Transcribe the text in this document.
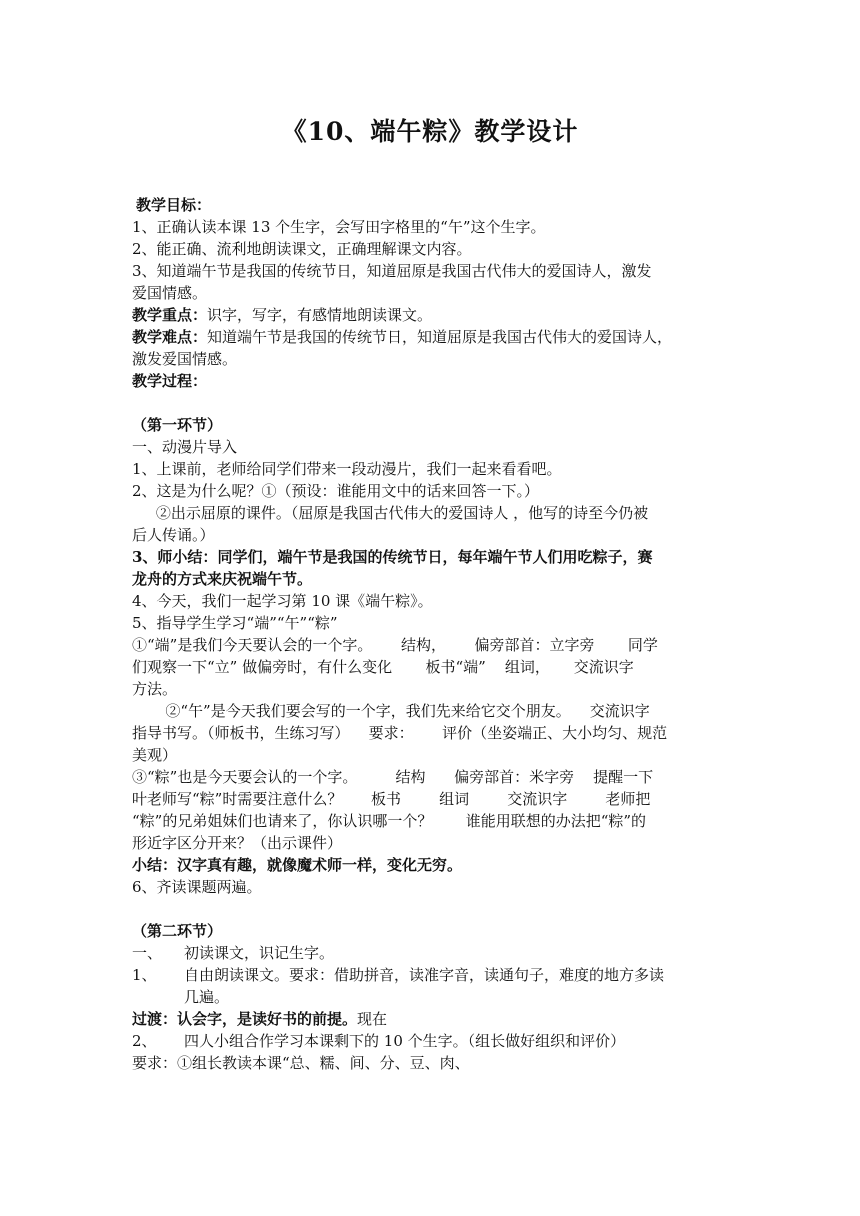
《10、端午粽》教学设计
教学目标：
1、正确认读本课 13 个生字，会写田字格里的“午”这个生字。
2、能正确、流利地朗读课文，正确理解课文内容。
3、知道端午节是我国的传统节日，知道屈原是我国古代伟大的爱国诗人，激发
爱国情感。
教学重点：识字，写字，有感情地朗读课文。
教学难点：知道端午节是我国的传统节日，知道屈原是我国古代伟大的爱国诗人，
激发爱国情感。
教学过程：
（第一环节）
一、动漫片导入
1、上课前，老师给同学们带来一段动漫片，我们一起来看看吧。
2、这是为什么呢？①（预设：谁能用文中的话来回答一下。）
②出示屈原的课件。（屈原是我国古代伟大的爱国诗人 ，他写的诗至今仍被
后人传诵。）
3、师小结：同学们，端午节是我国的传统节日，每年端午节人们用吃粽子，赛
龙舟的方式来庆祝端午节。
4、今天，我们一起学习第 10 课《端午粽》。
5、指导学生学习“端”“午”“粽”
①“端”是我们今天要认会的一个字。      结构，      偏旁部首：立字旁       同学
们观察一下“立” 做偏旁时，有什么变化       板书“端”    组词，     交流识字
方法。
②“午”是今天我们要会写的一个字，我们先来给它交个朋友。    交流识字
指导书写。（师板书，生练习写）    要求：      评价（坐姿端正、大小均匀、规范
美观）
③“粽”也是今天要会认的一个字。        结构      偏旁部首：米字旁    提醒一下
叶老师写“粽”时需要注意什么？      板书        组词        交流识字        老师把
“粽”的兄弟姐妹们也请来了，你认识哪一个？       谁能用联想的办法把“粽”的
形近字区分开来？（出示课件）
小结：汉字真有趣，就像魔术师一样，变化无穷。
6、齐读课题两遍。
（第二环节）
一、 初读课文，识记生字。
1、 自由朗读课文。要求：借助拼音，读准字音，读通句子，难度的地方多读
几遍。
过渡：认会字，是读好书的前提。现在
2、 四人小组合作学习本课剩下的 10 个生字。（组长做好组织和评价）
要求：①组长教读本课“总、糯、间、分、豆、肉、
